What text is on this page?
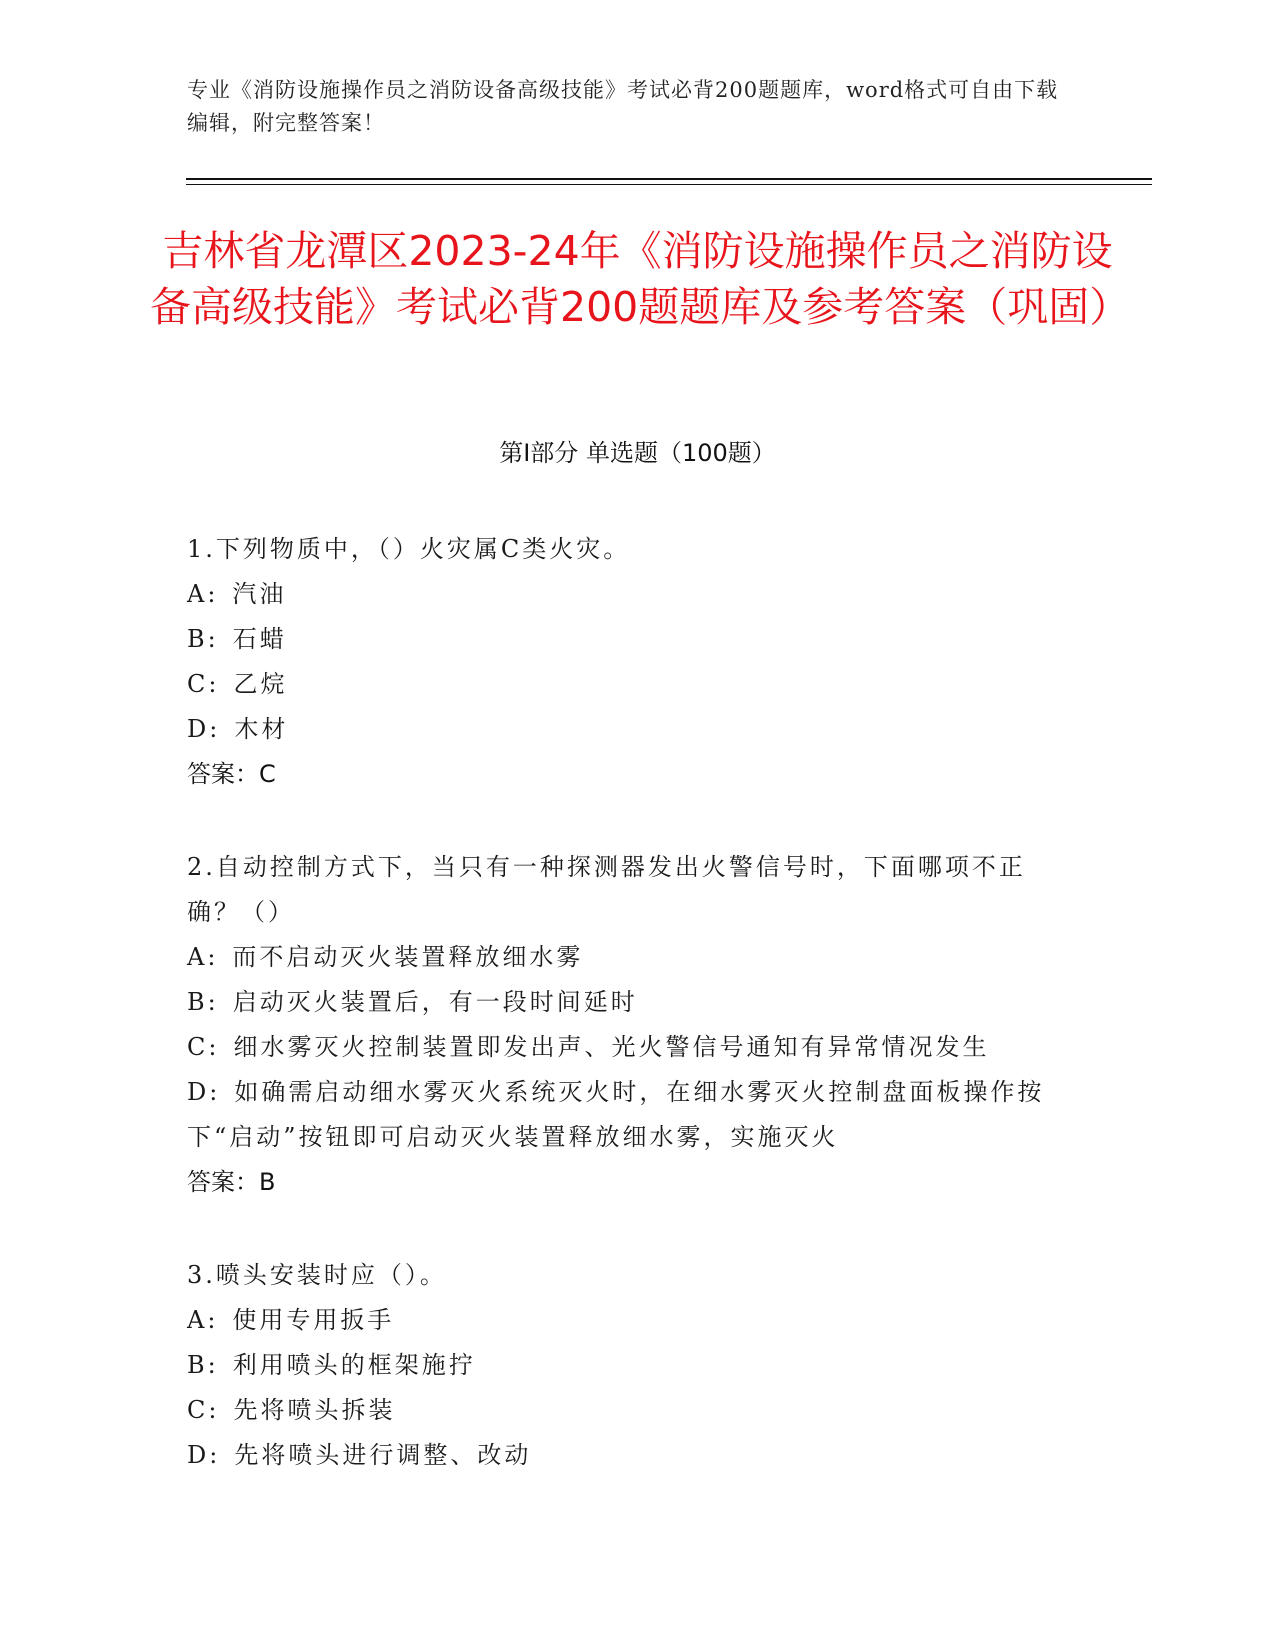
专业《消防设施操作员之消防设备高级技能》考试必背200题题库，word格式可自由下载编辑，附完整答案！
吉林省龙潭区2023-24年《消防设施操作员之消防设备高级技能》考试必背200题题库及参考答案（巩固）
第I部分 单选题（100题）
1.下列物质中，（）火灾属C类火灾。
A: 汽油
B: 石蜡
C: 乙烷
D: 木材
答案：C
2.自动控制方式下，当只有一种探测器发出火警信号时，下面哪项不正确？（）
A: 而不启动灭火装置释放细水雾
B: 启动灭火装置后，有一段时间延时
C: 细水雾灭火控制装置即发出声、光火警信号通知有异常情况发生
D: 如确需启动细水雾灭火系统灭火时，在细水雾灭火控制盘面板操作按下“启动”按钮即可启动灭火装置释放细水雾，实施灭火
答案：B
3.喷头安装时应（）。
A: 使用专用扳手
B: 利用喷头的框架施拧
C: 先将喷头拆装
D: 先将喷头进行调整、改动
